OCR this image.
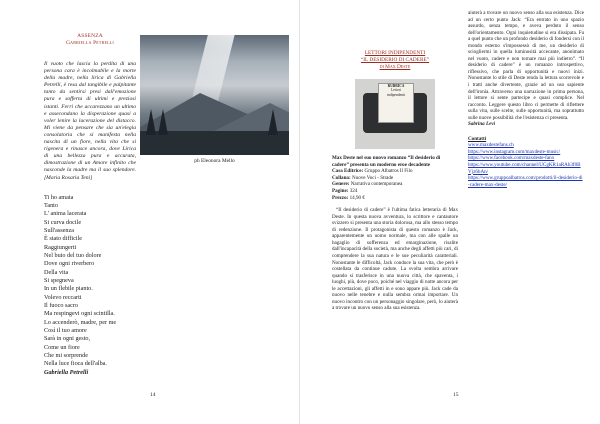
ASSENZA
Gabriella Petrelli
Il vuoto che lascia la perdita di una persona cara è incolmabile e la morte della madre, nella lirica di Gabriella Petrelli, è resa dal tangibile e palpitante tanto da sentirsi presi dall'emozione pura e sofferta di ultimi e preziosi istanti. Ferri che accarezzano un ultimo e assecondano la disperazione quasi a voler lenire la lacerazione del distacco. Mi viene da pensare che sia un'elegia consolatoria che si manifesta nella nascita di un fiore, nella vita che si rigenera e rinasce ancora, dove Lirica di una bellezza pura e accurata, dimostrazione di un Amore infinito che nasconde la madre ma il suo splendore. [Maria Rosaria Teni]
Ti ho amata
Tanto
L' anima lacerata
Si curva docile
Sull'assenza
È stato difficile
Raggiungerti
Nel buio del tuo dolore
Dove ogni riverbero
Della vita
Si spegneva
In un flebile pianto.
Volevo reccarti
Il fuoco sacro
Ma respingevi ogni scintilla.
Lo accenderò, madre, per me
Così il tuo amore
Sarà in ogni gesto,
Come un fiore
Che mi sorprende
Nella luce fioca dell'alba.
Gabriella Petrelli
ph Eleonora Mello
14
LETTORI INDIPENDENTI
“IL DESIDERIO DI CADERE”
di Max Deste
RUBRICA
Lettori
indipendenti
Max Deste nel suo nuovo romanzo “Il desiderio di cadere” presenta un moderno eroe decadente
Casa Editrice: Gruppo Albatros Il Filo
Collana: Nuove Voci - Strade
Genere: Narrativa contemporanea
Pagine: 324
Prezzo: 14,90 €

“Il desiderio di cadere” è l'ultima fatica letteraria di Max Deste. In questa nuova avventura, lo scrittore e cantautore svizzero si presenta una storia dolorosa, ma allo stesso tempo di redenzione. Il protagonista di questo romanzo è Jack, apparentemente un uomo normale, ma con alle spalle un bagaglio di sofferenza ed emarginazione, risalite dall'incapacità della società, ma anche degli affetti più cari, di comprendere la sua natura e le sue peculiarità caratteriali. Nonostante le difficoltà, Jack conduce la sua vita, che però è costellata da continue cadute. La svolta sembra arrivare quando si trasferisce in una nuova città, che spaventa, i luoghi, più, dove poco, poiché nel viaggio di notte ancora per le accettazioni, gli affetti in e sono appare più. Jack cade da nuovo nelle tenebre e nulla sembra ormai importare. Un nuovo incontro con un personaggio singolare, però, lo aiuterà a trovare un nuovo senso alla sua esistenza.

aiuterà a trovare un nuovo senso alla sua esistenza. Dice ad un certo punto Jack: “Era entrato in uno spazio assurdo, senza tempo, e aveva perduto il senso dell'orientamento. Ogni inquietudine si era dissipata. Fu a quel punto che un profondo desiderio di fondersi con il mondo esterno s'impossessò di me, un desiderio di sciogliermi in quella luminosità accecante, anonimato nel vuoto, cadere e non tornare mai più indietro”. “Il desiderio di cadere” è un romanzo introspettivo, riflessivo, che parla di opportunità e nuovi inizi. Nonostante lo stile di Deste renda la lettura scorrevole e i tratti anche divertente, grazie ad un uso sapiente dell'ironia. Attraverso una narrazione in prima persona, il lettore si sente partecipe e quasi complice. Nel racconto. Leggere questo libro ci permette di riflettere sulla vita, sulle scelte, sulle opportunità, ma soprattutto sulle nuove possibilità che l'esistenza ci presenta.

Sabrina Levi
Contatti
www.maxdestefans.ch
https://www.instagram.com/maxdeste-music/
https://www.facebook.com/maxdeste-fanx
https://www.youtube.com/channel/UCgKR1aRAh3f0BVjz6bAn/
https://www.gruppoalbatros.com/prodotti/il-desiderio-di-cadere-max-deste/
15
